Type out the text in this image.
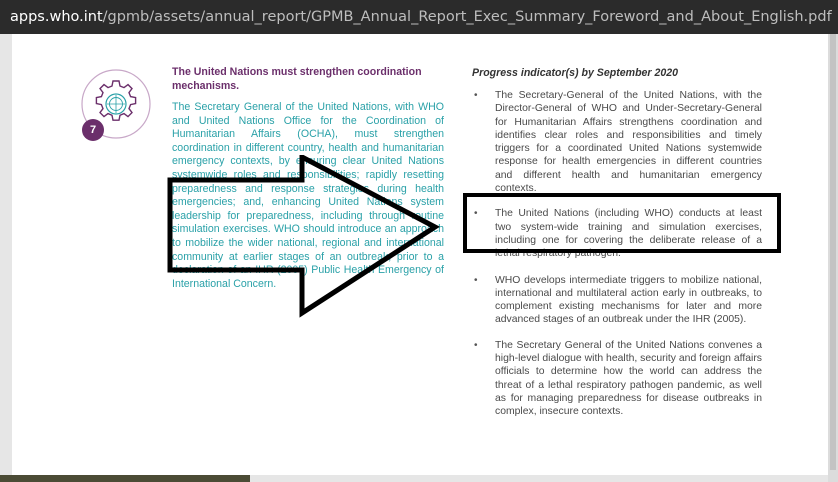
apps.who.int/gpmb/assets/annual_report/GPMB_Annual_Report_Exec_Summary_Foreword_and_About_English.pdf
7
The United Nations must strengthen coordination mechanisms.
The Secretary General of the United Nations, with WHO and United Nations Office for the Coordination of Humanitarian Affairs (OCHA), must strengthen coordination in different country, health and humanitarian emergency contexts, by ensuring clear United Nations systemwide roles and responsibilities; rapidly resetting preparedness and response strategies during health emergencies; and, enhancing United Nations system leadership for preparedness, including through routine simulation exercises. WHO should introduce an approach to mobilize the wider national, regional and international community at earlier stages of an outbreak, prior to a declaration of an IHR (2005) Public Health Emergency of International Concern.
Progress indicator(s) by September 2020
• The Secretary-General of the United Nations, with the Director-General of WHO and Under-Secretary-General for Humanitarian Affairs strengthens coordination and identifies clear roles and responsibilities and timely triggers for a coordinated United Nations systemwide response for health emergencies in different countries and different health and humanitarian emergency contexts.
• The United Nations (including WHO) conducts at least two system-wide training and simulation exercises, including one for covering the deliberate release of a lethal respiratory pathogen.
• WHO develops intermediate triggers to mobilize national, international and multilateral action early in outbreaks, to complement existing mechanisms for later and more advanced stages of an outbreak under the IHR (2005).
• The Secretary General of the United Nations convenes a high-level dialogue with health, security and foreign affairs officials to determine how the world can address the threat of a lethal respiratory pathogen pandemic, as well as for managing preparedness for disease outbreaks in complex, insecure contexts.
